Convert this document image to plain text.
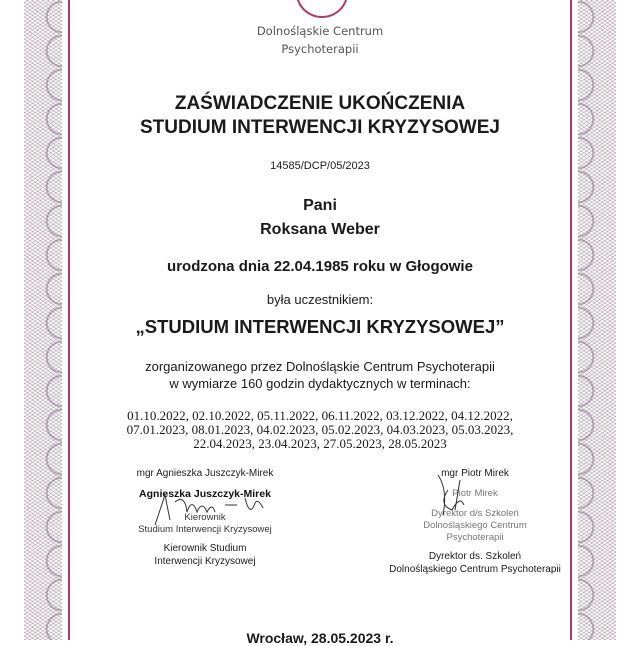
Dolnośląskie Centrum
Psychoterapii
ZAŚWIADCZENIE UKOŃCZENIA
STUDIUM INTERWENCJI KRYZYSOWEJ
14585/DCP/05/2023
Pani
Roksana Weber
urodzona dnia 22.04.1985 roku w Głogowie
była uczestnikiem:
„STUDIUM INTERWENCJI KRYZYSOWEJ”
zorganizowanego przez Dolnośląskie Centrum Psychoterapii
w wymiarze 160 godzin dydaktycznych w terminach:
01.10.2022, 02.10.2022, 05.11.2022, 06.11.2022, 03.12.2022, 04.12.2022,
07.01.2023, 08.01.2023, 04.02.2023, 05.02.2023, 04.03.2023, 05.03.2023,
22.04.2023, 23.04.2023, 27.05.2023, 28.05.2023
mgr Agnieszka Juszczyk-Mirek
Agnieszka Juszczyk-Mirek
Kierownik
Studium Interwencji Kryzysowej
Kierownik Studium
Interwencji Kryzysowej
mgr Piotr Mirek
Piotr Mirek
Dyrektor d/s Szkoleń
Dolnośląskiego Centrum
Psychoterapii
Dyrektor ds. Szkoleń
Dolnośląskiego Centrum Psychoterapii
Wrocław, 28.05.2023 r.
